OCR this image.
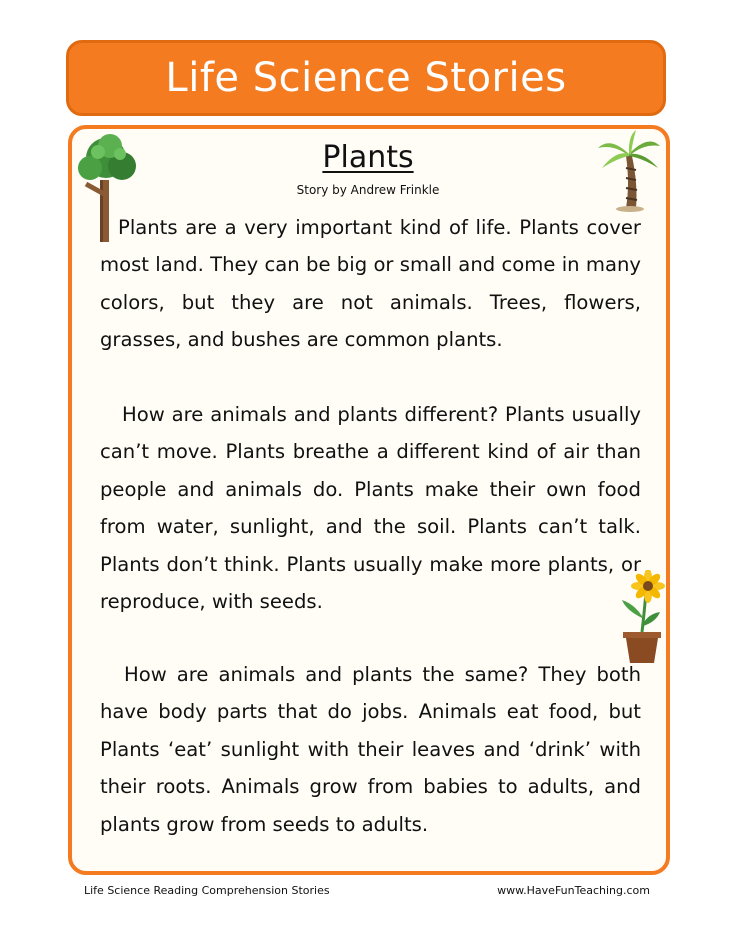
Life Science Stories
Plants
Story by Andrew Frinkle

Plants are a very important kind of life. Plants cover most land. They can be big or small and come in many colors, but they are not animals. Trees, flowers, grasses, and bushes are common plants.

How are animals and plants different? Plants usually can’t move. Plants breathe a different kind of air than people and animals do. Plants make their own food from water, sunlight, and the soil. Plants can’t talk. Plants don’t think. Plants usually make more plants, or reproduce, with seeds.

How are animals and plants the same? They both have body parts that do jobs. Animals eat food, but Plants ‘eat’ sunlight with their leaves and ‘drink’ with their roots. Animals grow from babies to adults, and plants grow from seeds to adults.

Life Science Reading Comprehension Stories	www.HaveFunTeaching.com
